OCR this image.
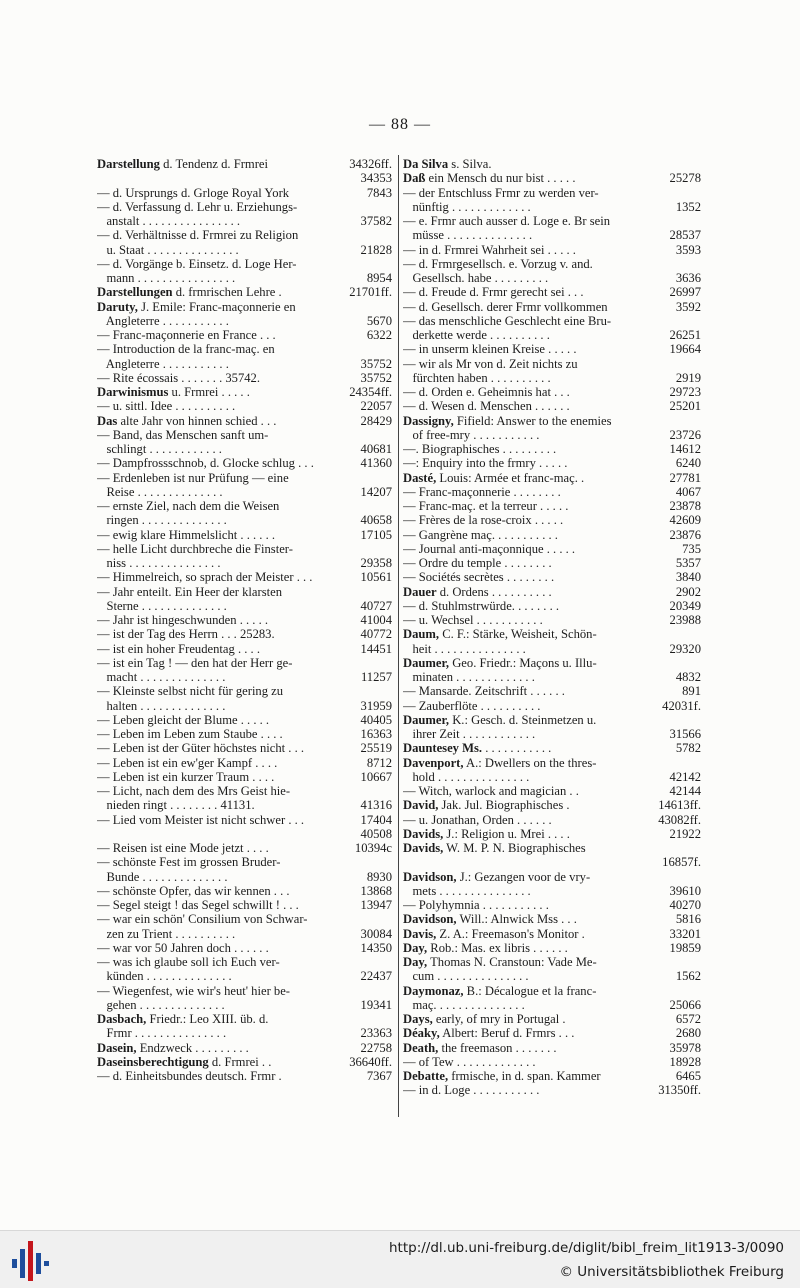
— 88 —
Darstellung d. Tendenz d. Frmrei	34326ff.
34353
— d. Ursprungs d. Grloge Royal York	7843
— d. Verfassung d. Lehr u. Erziehungs-
anstalt . . . . . . . . . . . . . . . .	37582
— d. Verhältnisse d. Frmrei zu Religion
u. Staat . . . . . . . . . . . . . . .	21828
— d. Vorgänge b. Einsetz. d. Loge Her-
mann . . . . . . . . . . . . . . . .	8954
Darstellungen d. frmrischen Lehre .	21701ff.
Daruty, J. Emile: Franc-maçonnerie en
Angleterre . . . . . . . . . . .	5670
— Franc-maçonnerie en France . . .	6322
— Introduction de la franc-maç. en
Angleterre . . . . . . . . . . .	35752
— Rite écossais . . . . . . . 35742.	35752
Darwinismus u. Frmrei . . . . .	24354ff.
— u. sittl. Idee . . . . . . . . . .	22057
Das alte Jahr von hinnen schied . . .	28429
— Band, das Menschen sanft um-
schlingt . . . . . . . . . . . .	40681
— Dampfrossschnob, d. Glocke schlug . . .	41360
— Erdenleben ist nur Prüfung — eine
Reise . . . . . . . . . . . . . .	14207
— ernste Ziel, nach dem die Weisen
ringen . . . . . . . . . . . . . .	40658
— ewig klare Himmelslicht . . . . . .	17105
— helle Licht durchbreche die Finster-
niss . . . . . . . . . . . . . . .	29358
— Himmelreich, so sprach der Meister . . .	10561
— Jahr enteilt. Ein Heer der klarsten
Sterne . . . . . . . . . . . . . .	40727
— Jahr ist hingeschwunden . . . . .	41004
— ist der Tag des Herrn . . . 25283.	40772
— ist ein hoher Freudentag . . . .	14451
— ist ein Tag ! — den hat der Herr ge-
macht . . . . . . . . . . . . . .	11257
— Kleinste selbst nicht für gering zu
halten . . . . . . . . . . . . . .	31959
— Leben gleicht der Blume . . . . .	40405
— Leben im Leben zum Staube . . . .	16363
— Leben ist der Güter höchstes nicht . . .	25519
— Leben ist ein ew'ger Kampf . . . .	8712
— Leben ist ein kurzer Traum . . . .	10667
— Licht, nach dem des Mrs Geist hie-
nieden ringt . . . . . . . . 41131.	41316
— Lied vom Meister ist nicht schwer . . .	17404
40508
— Reisen ist eine Mode jetzt . . . .	10394c
— schönste Fest im grossen Bruder-
Bunde . . . . . . . . . . . . . .	8930
— schönste Opfer, das wir kennen . . .	13868
— Segel steigt ! das Segel schwillt ! . . .	13947
— war ein schön' Consilium von Schwar-
zen zu Trient . . . . . . . . . .	30084
— war vor 50 Jahren doch . . . . . .	14350
— was ich glaube soll ich Euch ver-
künden . . . . . . . . . . . . . .	22437
— Wiegenfest, wie wir's heut' hier be-
gehen . . . . . . . . . . . . . .	19341
Dasbach, Friedr.: Leo XIII. üb. d.
Frmr . . . . . . . . . . . . . . .	23363
Dasein, Endzweck . . . . . . . . .	22758
Daseinsberechtigung d. Frmrei . .	36640ff.
— d. Einheitsbundes deutsch. Frmr .	7367
Da Silva s. Silva.
Daß ein Mensch du nur bist . . . . .	25278
— der Entschluss Frmr zu werden ver-
nünftig . . . . . . . . . . . . .	1352
— e. Frmr auch ausser d. Loge e. Br sein
müsse . . . . . . . . . . . . . .	28537
— in d. Frmrei Wahrheit sei . . . . .	3593
— d. Frmrgesellsch. e. Vorzug v. and.
Gesellsch. habe . . . . . . . . .	3636
— d. Freude d. Frmr gerecht sei . . .	26997
— d. Gesellsch. derer Frmr vollkommen	3592
— das menschliche Geschlecht eine Bru-
derkette werde . . . . . . . . . .	26251
— in unserm kleinen Kreise . . . . .	19664
— wir als Mr von d. Zeit nichts zu
fürchten haben . . . . . . . . . .	2919
— d. Orden e. Geheimnis hat . . .	29723
— d. Wesen d. Menschen . . . . . .	25201
Dassigny, Fifield: Answer to the enemies
of free-mry . . . . . . . . . . .	23726
—. Biographisches . . . . . . . . .	14612
—: Enquiry into the frmry . . . . .	6240
Dasté, Louis: Armée et franc-maç. .	27781
— Franc-maçonnerie . . . . . . . .	4067
— Franc-maç. et la terreur . . . . .	23878
— Frères de la rose-croix . . . . .	42609
— Gangrène maç. . . . . . . . . . .	23876
— Journal anti-maçonnique . . . . .	735
— Ordre du temple . . . . . . . .	5357
— Sociétés secrètes . . . . . . . .	3840
Dauer d. Ordens . . . . . . . . . .	2902
— d. Stuhlmstrwürde. . . . . . . .	20349
— u. Wechsel . . . . . . . . . . .	23988
Daum, C. F.: Stärke, Weisheit, Schön-
heit . . . . . . . . . . . . . . .	29320
Daumer, Geo. Friedr.: Maçons u. Illu-
minaten . . . . . . . . . . . . .	4832
— Mansarde. Zeitschrift . . . . . .	891
— Zauberflöte . . . . . . . . . .	42031f.
Daumer, K.: Gesch. d. Steinmetzen u.
ihrer Zeit . . . . . . . . . . . .	31566
Dauntesey Ms. . . . . . . . . . . .	5782
Davenport, A.: Dwellers on the thres-
hold . . . . . . . . . . . . . . .	42142
— Witch, warlock and magician . .	42144
David, Jak. Jul. Biographisches .	14613ff.
— u. Jonathan, Orden . . . . . .	43082ff.
Davids, J.: Religion u. Mrei . . . .	21922
Davids, W. M. P. N. Biographisches
16857f.
Davidson, J.: Gezangen voor de vry-
mets . . . . . . . . . . . . . . .	39610
— Polyhymnia . . . . . . . . . . .	40270
Davidson, Will.: Alnwick Mss . . .	5816
Davis, Z. A.: Freemason's Monitor .	33201
Day, Rob.: Mas. ex libris . . . . . .	19859
Day, Thomas N. Cranstoun: Vade Me-
cum . . . . . . . . . . . . . . .	1562
Daymonaz, B.: Décalogue et la franc-
maç. . . . . . . . . . . . . . .	25066
Days, early, of mry in Portugal .	6572
Déaky, Albert: Beruf d. Frmrs . . .	2680
Death, the freemason . . . . . . .	35978
— of Tew . . . . . . . . . . . . .	18928
Debatte, frmische, in d. span. Kammer	6465
— in d. Loge . . . . . . . . . . .	31350ff.
http://dl.ub.uni-freiburg.de/diglit/bibl_freim_lit1913-3/0090
© Universitätsbibliothek Freiburg
